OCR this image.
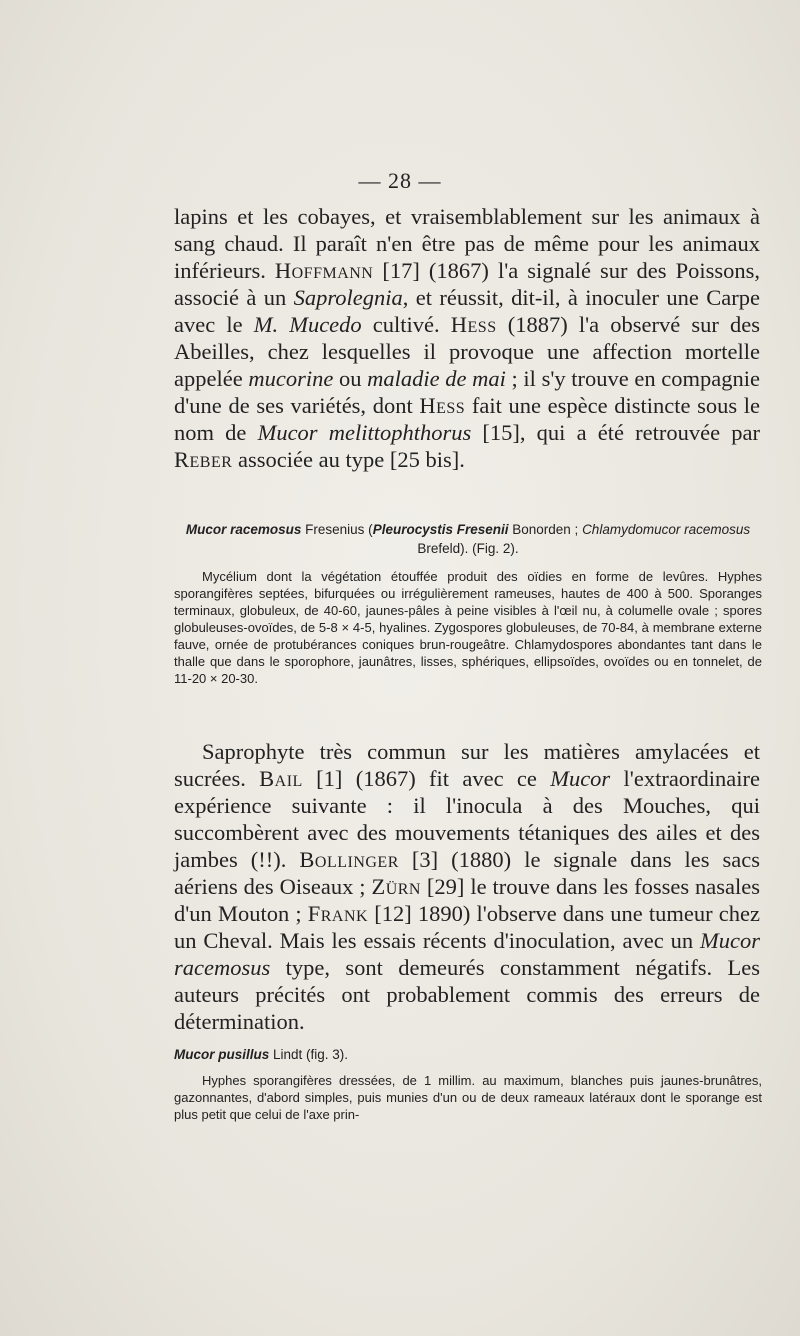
— 28 —

lapins et les cobayes, et vraisemblablement sur les animaux à sang chaud. Il paraît n'en être pas de même pour les animaux inférieurs. Hoffmann [17] (1867) l'a signalé sur des Poissons, associé à un Saprolegnia, et réussit, dit-il, à inoculer une Carpe avec le M. Mucedo cultivé. Hess (1887) l'a observé sur des Abeilles, chez lesquelles il provoque une affection mortelle appelée mucorine ou maladie de mai ; il s'y trouve en compagnie d'une de ses variétés, dont Hess fait une espèce distincte sous le nom de Mucor melittophthorus [15], qui a été retrouvée par Reber associée au type [25 bis].

Mucor racemosus Fresenius (Pleurocystis Fresenii Bonorden ; Chlamydomucor racemosus Brefeld). (Fig. 2).

Mycélium dont la végétation étouffée produit des oïdies en forme de levûres. Hyphes sporangifères septées, bifurquées ou irrégulièrement rameuses, hautes de 400 à 500. Sporanges terminaux, globuleux, de 40-60, jaunes-pâles à peine visibles à l'œil nu, à columelle ovale ; spores globuleuses-ovoïdes, de 5-8 × 4-5, hyalines. Zygospores globuleuses, de 70-84, à membrane externe fauve, ornée de protubérances coniques brun-rougeâtre. Chlamydospores abondantes tant dans le thalle que dans le sporophore, jaunâtres, lisses, sphériques, ellipsoïdes, ovoïdes ou en tonnelet, de 11-20 × 20-30.

Saprophyte très commun sur les matières amylacées et sucrées. Bail [1] (1867) fit avec ce Mucor l'extraordinaire expérience suivante : il l'inocula à des Mouches, qui succombèrent avec des mouvements tétaniques des ailes et des jambes (!!). Bollinger [3] (1880) le signale dans les sacs aériens des Oiseaux ; Zürn [29] le trouve dans les fosses nasales d'un Mouton ; Frank [12] 1890) l'observe dans une tumeur chez un Cheval. Mais les essais récents d'inoculation, avec un Mucor racemosus type, sont demeurés constamment négatifs. Les auteurs précités ont probablement commis des erreurs de détermination.

Mucor pusillus Lindt (fig. 3).

Hyphes sporangifères dressées, de 1 millim. au maximum, blanches puis jaunes-brunâtres, gazonnantes, d'abord simples, puis munies d'un ou de deux rameaux latéraux dont le sporange est plus petit que celui de l'axe prin-
